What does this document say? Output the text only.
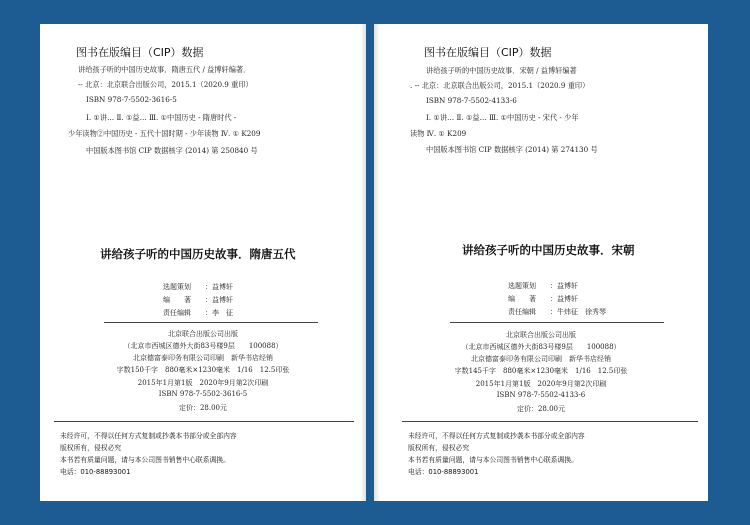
图书在版编目（CIP）数据
讲给孩子听的中国历史故事．隋唐五代 / 益博轩编著．
-- 北京：北京联合出版公司，2015.1（2020.9 重印）
ISBN 978-7-5502-3616-5
Ⅰ. ①讲… Ⅱ. ①益… Ⅲ. ①中国历史 - 隋唐时代 -
少年读物②中国历史 - 五代十国时期 - 少年读物 Ⅳ. ① K209
中国版本图书馆 CIP 数据核字 (2014) 第 250840 号
讲给孩子听的中国历史故事．隋唐五代
选题策划 ：益博轩
编　　著 ：益博轩
责任编辑 ：李　征
北京联合出版公司出版
（北京市西城区德外大街83号楼9层　　100088）
北京德富泰印务有限公司印刷　新华书店经销
字数150千字　880毫米×1230毫米　1/16　12.5印张
2015年1月第1版　2020年9月第2次印刷
ISBN 978-7-5502-3616-5
定价：28.00元
未经许可，不得以任何方式复制或抄袭本书部分或全部内容
版权所有，侵权必究
本书若有质量问题，请与本公司图书销售中心联系调换。
电话：010-88893001
图书在版编目（CIP）数据
讲给孩子听的中国历史故事．宋朝 / 益博轩编著
. -- 北京：北京联合出版公司，2015.1（2020.9 重印）
ISBN 978-7-5502-4133-6
Ⅰ. ①讲… Ⅱ. ①益… Ⅲ. ①中国历史 - 宋代 - 少年
读物 Ⅳ. ① K209
中国版本图书馆 CIP 数据核字 (2014) 第 274130 号
讲给孩子听的中国历史故事．宋朝
选题策划 ：益博轩
编　　著 ：益博轩
责任编辑 ：牛炜征　徐秀琴
北京联合出版公司出版
（北京市西城区德外大街83号楼9层　　100088）
北京德富泰印务有限公司印刷　新华书店经销
字数145千字　880毫米×1230毫米　1/16　12.5印张
2015年1月第1版　2020年9月第2次印刷
ISBN 978-7-5502-4133-6
定价：28.00元
未经许可，不得以任何方式复制或抄袭本书部分或全部内容
版权所有，侵权必究
本书若有质量问题，请与本公司图书销售中心联系调换。
电话：010-88893001
